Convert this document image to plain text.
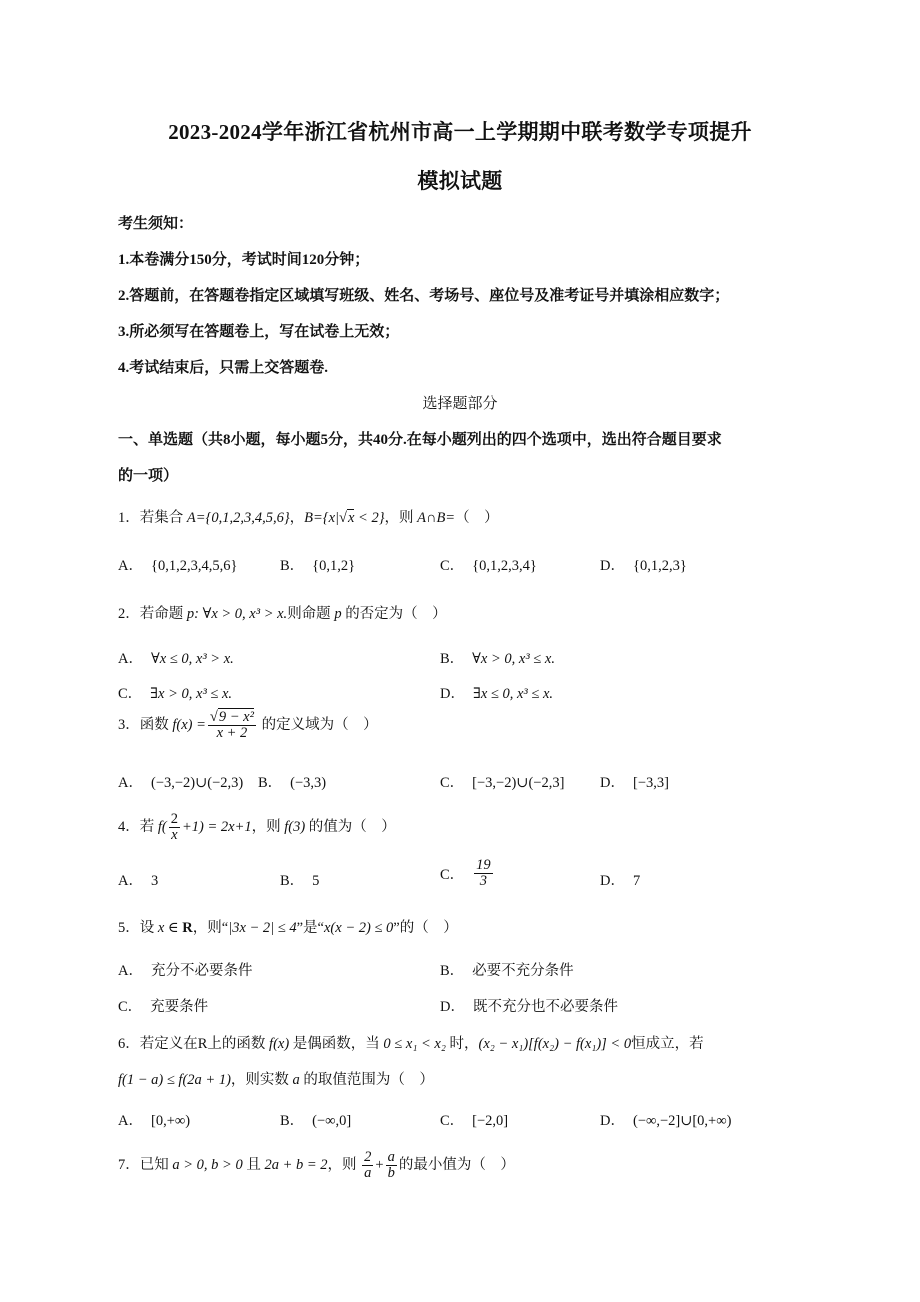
2023-2024学年浙江省杭州市高一上学期期中联考数学专项提升
模拟试题
考生须知：
1.本卷满分150分，考试时间120分钟；
2.答题前，在答题卷指定区域填写班级、姓名、考场号、座位号及准考证号并填涂相应数字；
3.所必须写在答题卷上，写在试卷上无效；
4.考试结束后，只需上交答题卷.
选择题部分
一、单选题（共8小题，每小题5分，共40分.在每小题列出的四个选项中，选出符合题目要求
的一项）
1．若集合 A={0,1,2,3,4,5,6}，B={x|√x < 2}，则 A∩B=（　）
A． {0,1,2,3,4,5,6}	B． {0,1,2}	C． {0,1,2,3,4}	D． {0,1,2,3}
2．若命题 p: ∀x > 0, x³ > x.则命题 p 的否定为（　）
A． ∀x ≤ 0, x³ > x.	B． ∀x > 0, x³ ≤ x.
C． ∃x > 0, x³ ≤ x.	D． ∃x ≤ 0, x³ ≤ x.
3．函数 $f(x) = \frac{\text{√9 − x²}}{x + 2}$ 的定义域为（　）
A． (−3,−2)∪(−2,3) B． (−3,3)	C． [−3,−2)∪(−2,3] D． [−3,3]
4．若 $f( \frac{2}{x} +1) = 2x+1$，则 f(3) 的值为（　）
A． 3	B． 5	C． $\frac{19}{3}$	D． 7
5．设 x ∈ R，则“|3x − 2| ≤ 4”是“x(x − 2) ≤ 0”的（　）
A． 充分不必要条件	B． 必要不充分条件
C． 充要条件	D． 既不充分也不必要条件
6．若定义在R上的函数 f(x) 是偶函数，当 0 ≤ x₁ < x₂ 时，(x₂ − x₁)[f(x₂) − f(x₁)] < 0恒成立，若
f(1 − a) ≤ f(2a + 1)，则实数 a 的取值范围为（　）
A． [0,+∞)	B． (−∞,0]	C． [−2,0]	D． (−∞,−2]∪[0,+∞)
7．已知 a > 0, b > 0 且 2a + b = 2，则 $\frac{2}{a} + \frac{a}{b}$ 的最小值为（　）
